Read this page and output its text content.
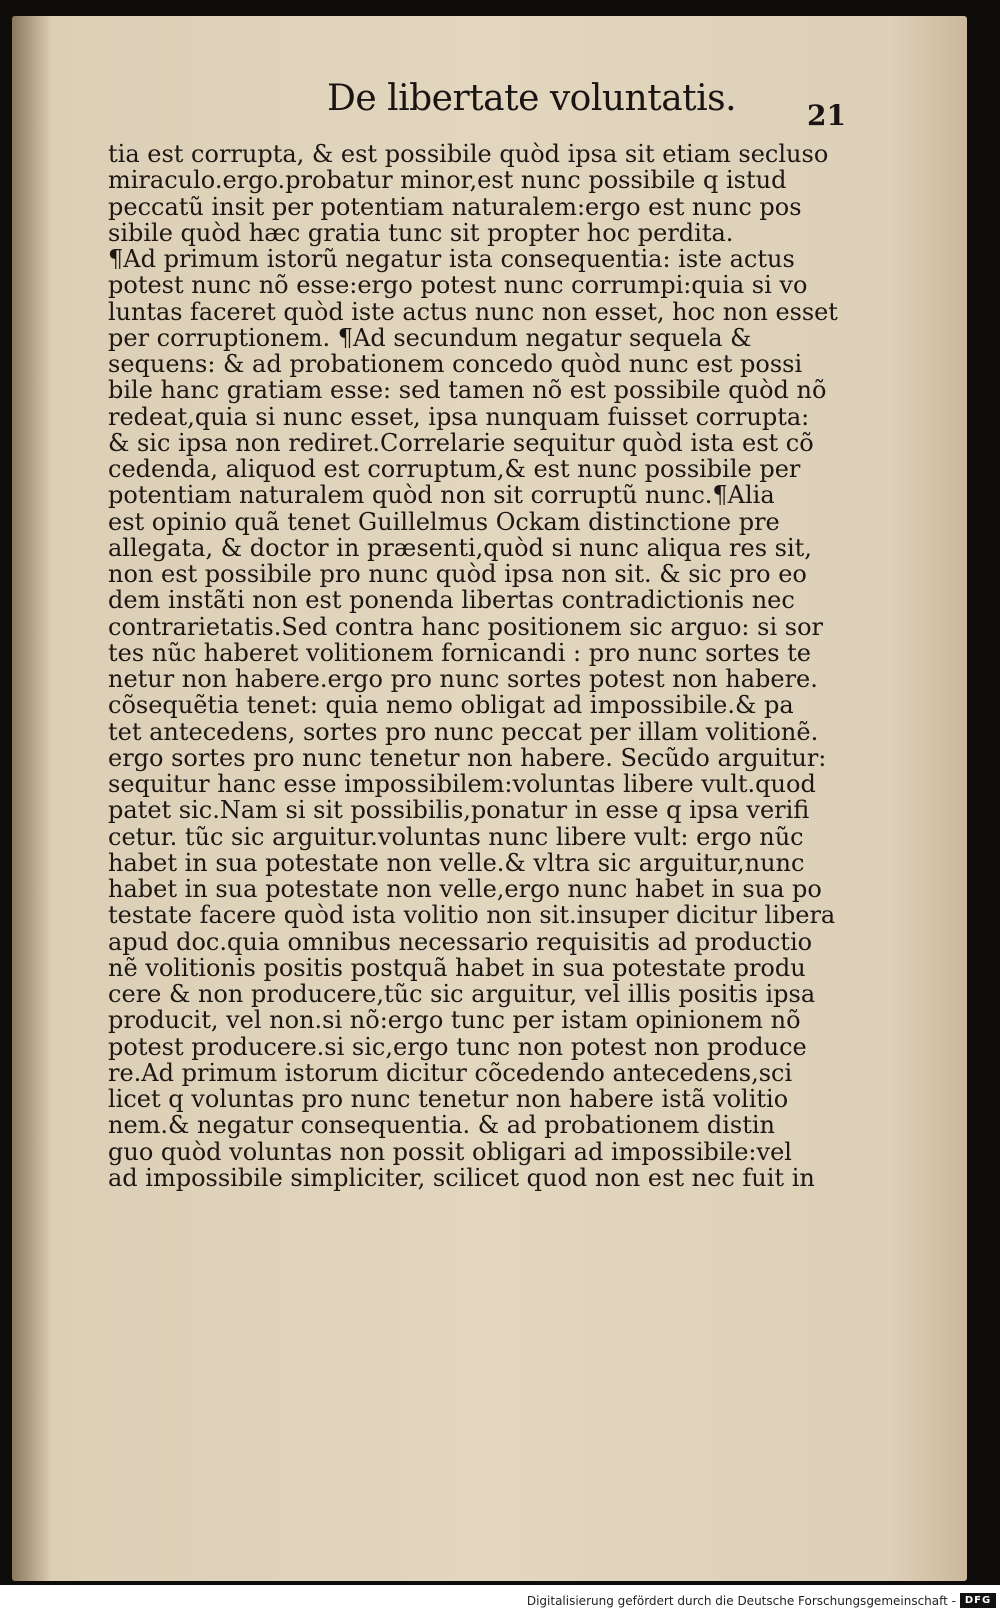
De libertate voluntatis.	21
tia est corrupta, & est possibile quòd ipsa sit etiam secluso
miraculo.ergo.probatur minor,est nunc possibile q istud
peccatũ insit per potentiam naturalem:ergo est nunc pos
sibile quòd hæc gratia tunc sit propter hoc perdita.
¶Ad primum istorũ negatur ista consequentia: iste actus
potest nunc nõ esse:ergo potest nunc corrumpi:quia si vo
luntas faceret quòd iste actus nunc non esset, hoc non esset
per corruptionem. ¶Ad secundum negatur sequela &
sequens: & ad probationem concedo quòd nunc est possi
bile hanc gratiam esse: sed tamen nõ est possibile quòd nõ
redeat,quia si nunc esset, ipsa nunquam fuisset corrupta:
& sic ipsa non rediret.Correlarie sequitur quòd ista est cõ
cedenda, aliquod est corruptum,& est nunc possibile per
potentiam naturalem quòd non sit corruptũ nunc.¶Alia
est opinio quã tenet Guillelmus Ockam distinctione pre
allegata, & doctor in præsenti,quòd si nunc aliqua res sit,
non est possibile pro nunc quòd ipsa non sit. & sic pro eo
dem instãti non est ponenda libertas contradictionis nec
contrarietatis.Sed contra hanc positionem sic arguo: si sor
tes nũc haberet volitionem fornicandi : pro nunc sortes te
netur non habere.ergo pro nunc sortes potest non habere.
cõsequẽtia tenet: quia nemo obligat ad impossibile.& pa
tet antecedens, sortes pro nunc peccat per illam volitionẽ.
ergo sortes pro nunc tenetur non habere. Secũdo arguitur:
sequitur hanc esse impossibilem:voluntas libere vult.quod
patet sic.Nam si sit possibilis,ponatur in esse q ipsa verifi
cetur. tũc sic arguitur.voluntas nunc libere vult: ergo nũc
habet in sua potestate non velle.& vltra sic arguitur,nunc
habet in sua potestate non velle,ergo nunc habet in sua po
testate facere quòd ista volitio non sit.insuper dicitur libera
apud doc.quia omnibus necessario requisitis ad productio
nẽ volitionis positis postquã habet in sua potestate produ
cere & non producere,tũc sic arguitur, vel illis positis ipsa
producit, vel non.si nõ:ergo tunc per istam opinionem nõ
potest producere.si sic,ergo tunc non potest non produce
re.Ad primum istorum dicitur cõcedendo antecedens,sci
licet q voluntas pro nunc tenetur non habere istã volitio
nem.& negatur consequentia. & ad probationem distin
guo quòd voluntas non possit obligari ad impossibile:vel
ad impossibile simpliciter, scilicet quod non est nec fuit in
Digitalisierung gefördert durch die Deutsche Forschungsgemeinschaft - DFG
